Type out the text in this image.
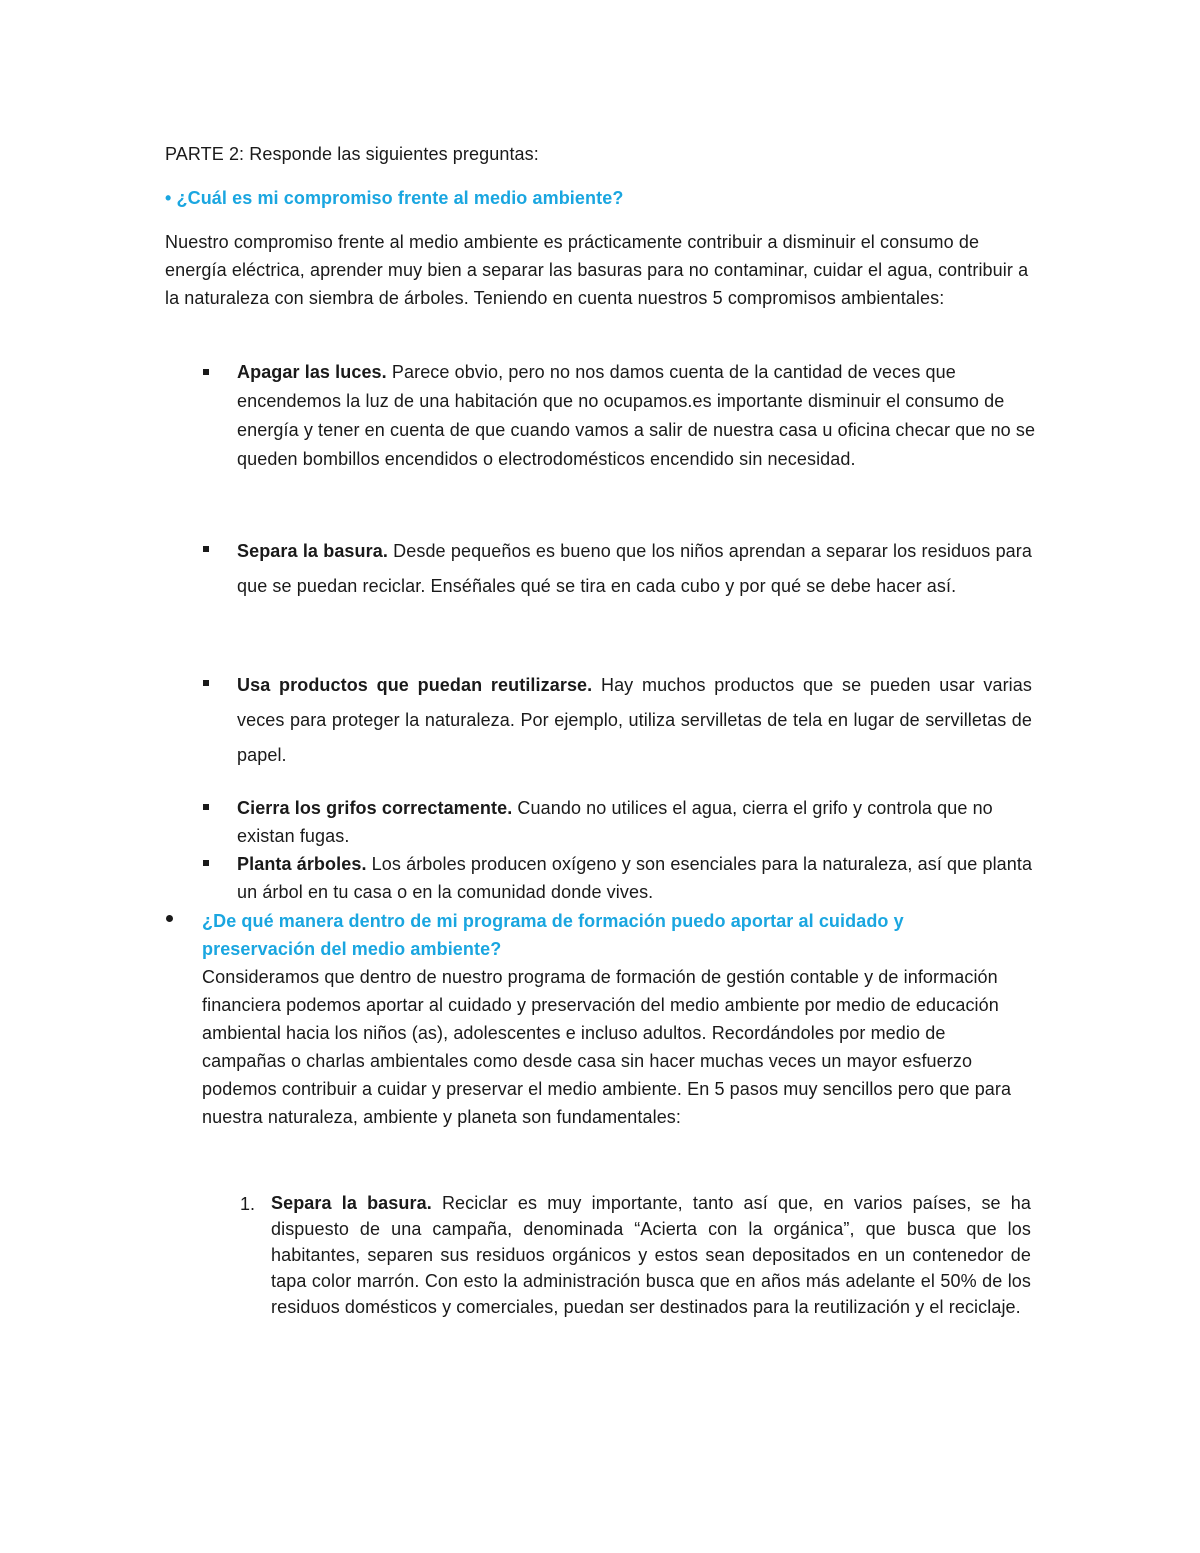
PARTE 2: Responde las siguientes preguntas:
• ¿Cuál es mi compromiso frente al medio ambiente?
Nuestro compromiso frente al medio ambiente es prácticamente contribuir a disminuir el consumo de energía eléctrica, aprender muy bien a separar las basuras para no contaminar, cuidar el agua, contribuir a la naturaleza con siembra de árboles. Teniendo en cuenta nuestros 5 compromisos ambientales:
Apagar las luces. Parece obvio, pero no nos damos cuenta de la cantidad de veces que encendemos la luz de una habitación que no ocupamos.es importante disminuir el consumo de energía y tener en cuenta de que cuando vamos a salir de nuestra casa u oficina checar que no se queden bombillos encendidos o electrodomésticos encendido sin necesidad.
Separa la basura. Desde pequeños es bueno que los niños aprendan a separar los residuos para que se puedan reciclar. Enséñales qué se tira en cada cubo y por qué se debe hacer así.
Usa productos que puedan reutilizarse. Hay muchos productos que se pueden usar varias veces para proteger la naturaleza. Por ejemplo, utiliza servilletas de tela en lugar de servilletas de papel.
Cierra los grifos correctamente. Cuando no utilices el agua, cierra el grifo y controla que no existan fugas.
Planta árboles. Los árboles producen oxígeno y son esenciales para la naturaleza, así que planta un árbol en tu casa o en la comunidad donde vives.
¿De qué manera dentro de mi programa de formación puedo aportar al cuidado y preservación del medio ambiente?
Consideramos que dentro de nuestro programa de formación de gestión contable y de información financiera podemos aportar al cuidado y preservación del medio ambiente por medio de educación ambiental hacia los niños (as), adolescentes e incluso adultos. Recordándoles por medio de campañas o charlas ambientales como desde casa sin hacer muchas veces un mayor esfuerzo podemos contribuir a cuidar y preservar el medio ambiente. En 5 pasos muy sencillos pero que para nuestra naturaleza, ambiente y planeta son fundamentales:
1. Separa la basura. Reciclar es muy importante, tanto así que, en varios países, se ha dispuesto de una campaña, denominada “Acierta con la orgánica”, que busca que los habitantes, separen sus residuos orgánicos y estos sean depositados en un contenedor de tapa color marrón. Con esto la administración busca que en años más adelante el 50% de los residuos domésticos y comerciales, puedan ser destinados para la reutilización y el reciclaje.
